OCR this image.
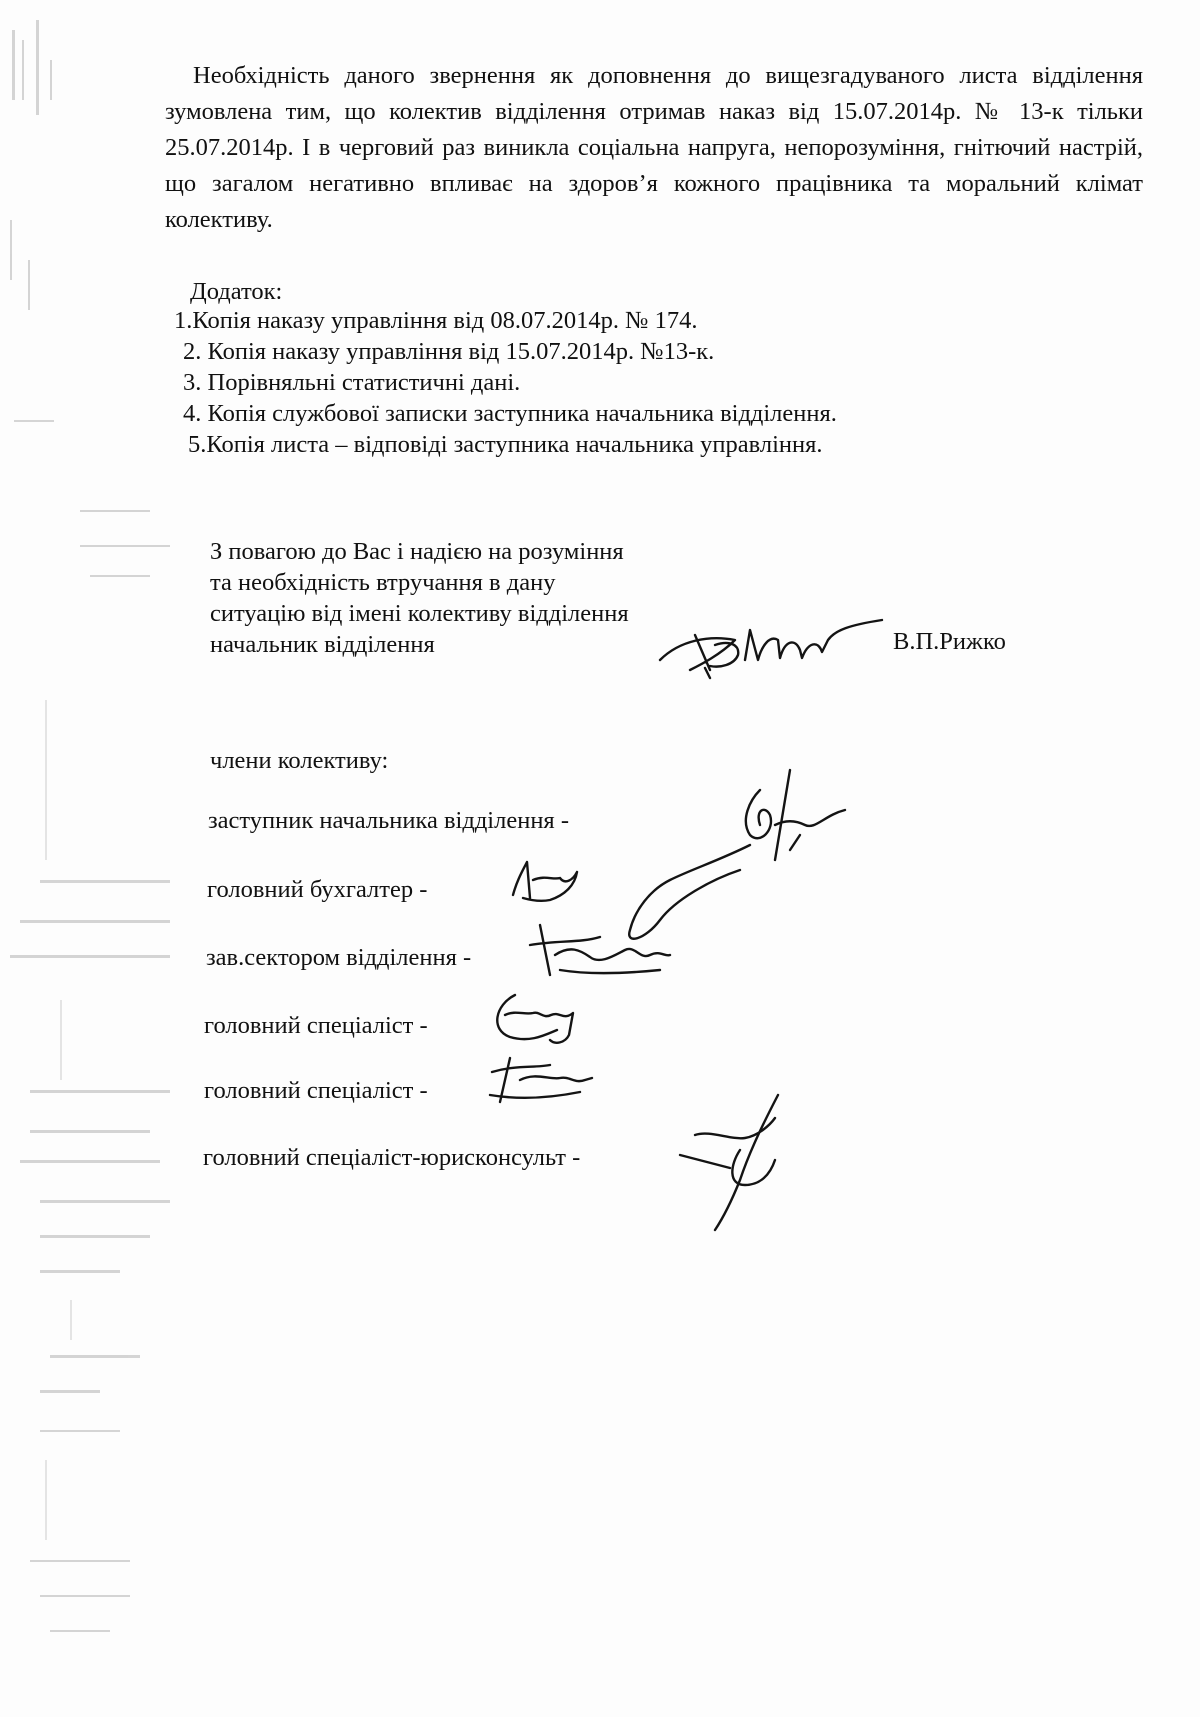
Необхідність даного звернення як доповнення до вищезгадуваного листа відділення зумовлена тим, що колектив відділення отримав наказ від 15.07.2014р. № 13-к тільки 25.07.2014р. І в черговий раз виникла соціальна напруга, непорозуміння, гнітючий настрій, що загалом негативно впливає на здоров’я кожного працівника та моральний клімат колективу.

Додаток:
1.Копія наказу управління від 08.07.2014р. № 174.
2. Копія наказу управління від 15.07.2014р. №13-к.
3. Порівняльні статистичні дані.
4. Копія службової записки заступника начальника відділення.
5.Копія листа – відповіді заступника начальника управління.
З повагою до Вас і надією на розуміння
та необхідність втручання в дану
ситуацію від імені колективу відділення
начальник відділення	В.П.Рижко
члени колективу:
заступник начальника відділення -
головний бухгалтер -
зав.сектором відділення -
головний спеціаліст -
головний спеціаліст -
головний спеціаліст-юрисконсульт -
